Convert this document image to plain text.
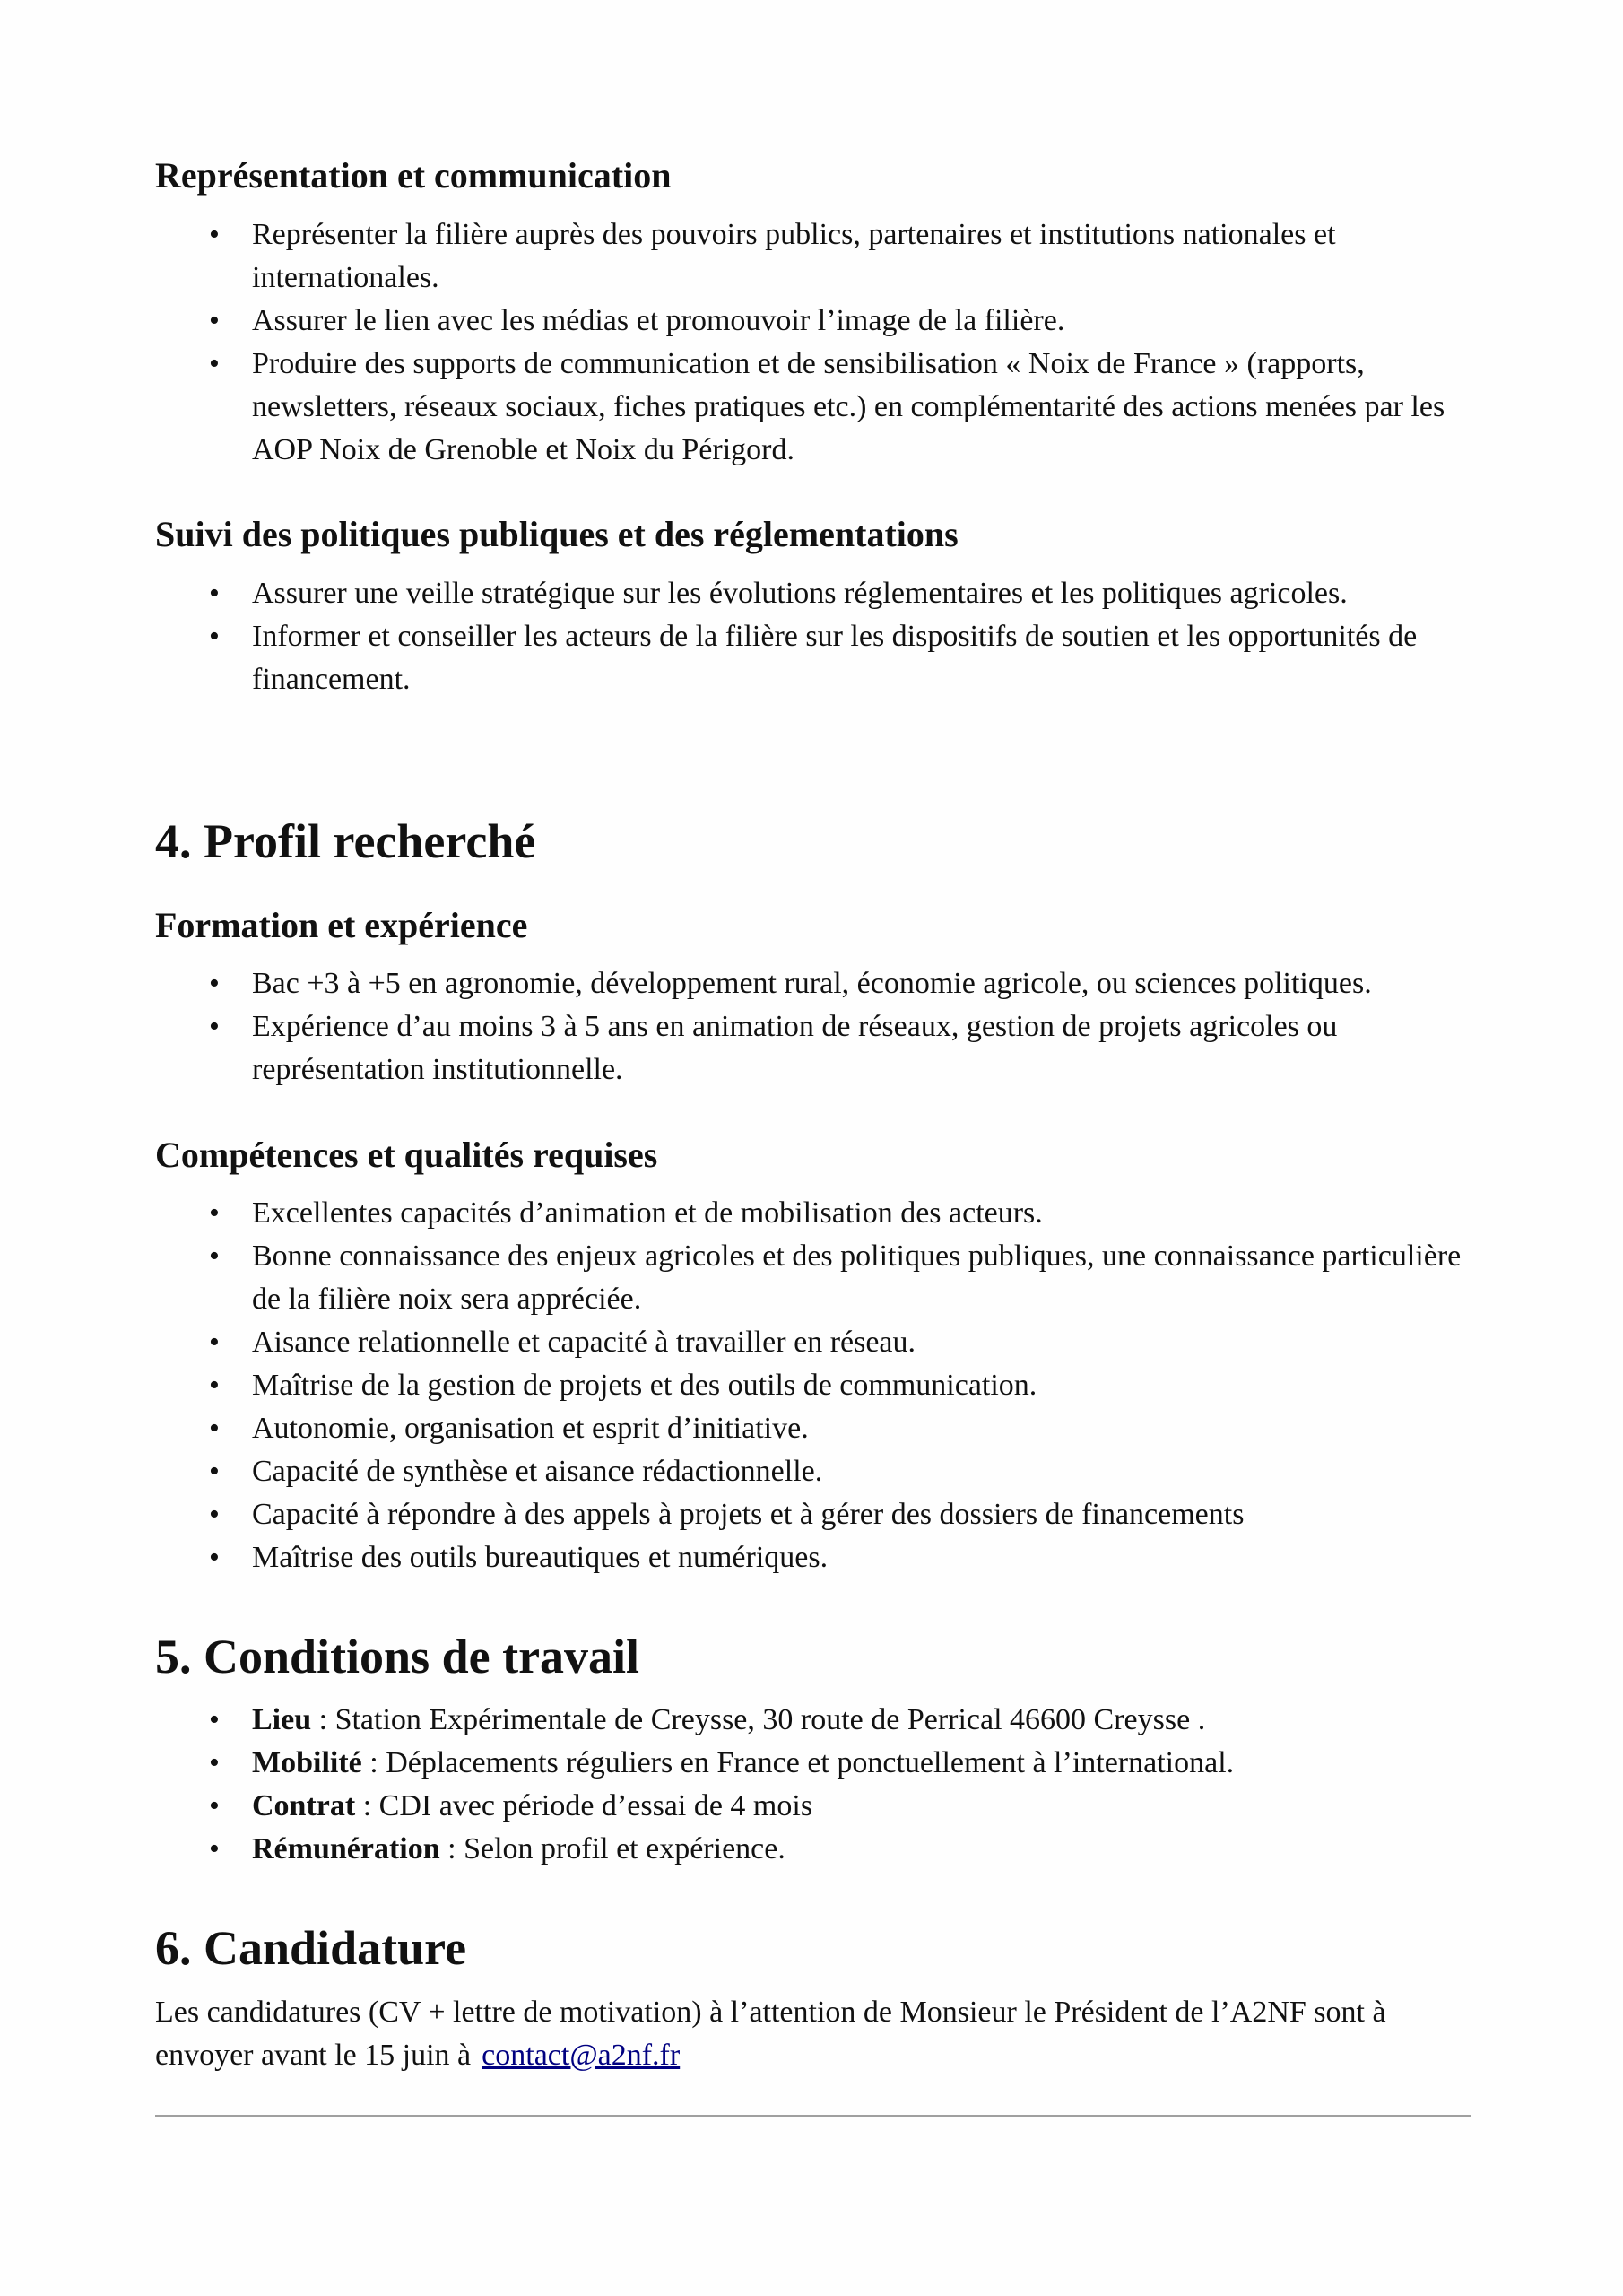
Représentation et communication
• Représenter la filière auprès des pouvoirs publics, partenaires et institutions nationales et internationales.
• Assurer le lien avec les médias et promouvoir l’image de la filière.
• Produire des supports de communication et de sensibilisation « Noix de France » (rapports, newsletters, réseaux sociaux, fiches pratiques etc.) en complémentarité des actions menées par les AOP Noix de Grenoble et Noix du Périgord.
Suivi des politiques publiques et des réglementations
• Assurer une veille stratégique sur les évolutions réglementaires et les politiques agricoles.
• Informer et conseiller les acteurs de la filière sur les dispositifs de soutien et les opportunités de financement.
4. Profil recherché
Formation et expérience
• Bac +3 à +5 en agronomie, développement rural, économie agricole, ou sciences politiques.
• Expérience d’au moins 3 à 5 ans en animation de réseaux, gestion de projets agricoles ou représentation institutionnelle.
Compétences et qualités requises
• Excellentes capacités d’animation et de mobilisation des acteurs.
• Bonne connaissance des enjeux agricoles et des politiques publiques, une connaissance particulière de la filière noix sera appréciée.
• Aisance relationnelle et capacité à travailler en réseau.
• Maîtrise de la gestion de projets et des outils de communication.
• Autonomie, organisation et esprit d’initiative.
• Capacité de synthèse et aisance rédactionnelle.
• Capacité à répondre à des appels à projets et à gérer des dossiers de financements
• Maîtrise des outils bureautiques et numériques.
5. Conditions de travail
• Lieu : Station Expérimentale de Creysse, 30 route de Perrical 46600 Creysse .
• Mobilité : Déplacements réguliers en France et ponctuellement à l’international.
• Contrat : CDI avec période d’essai de 4 mois
• Rémunération : Selon profil et expérience.
6. Candidature

Les candidatures (CV + lettre de motivation) à l’attention de Monsieur le Président de l’A2NF sont à envoyer avant le 15 juin à contact@a2nf.fr
